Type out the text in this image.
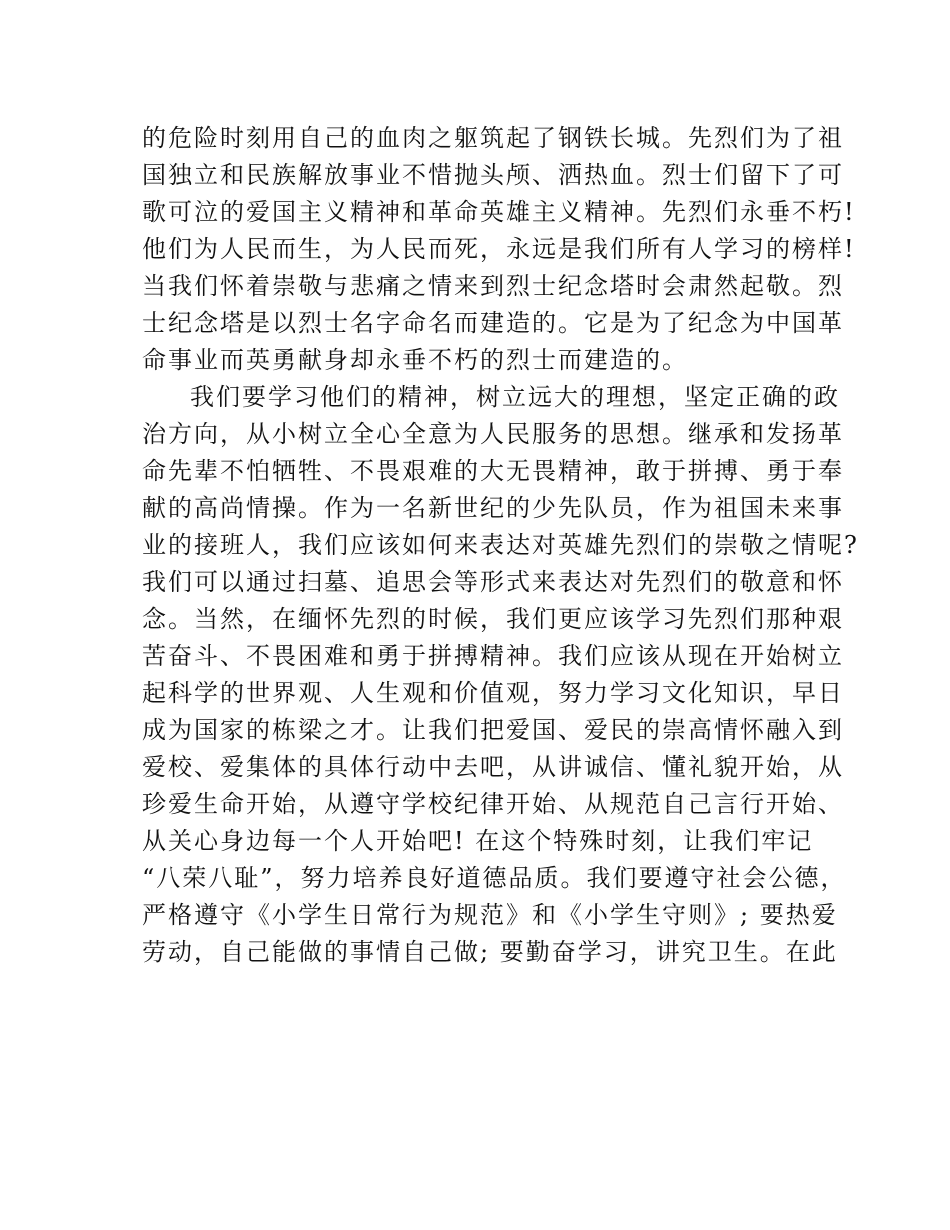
的危险时刻用自己的血肉之躯筑起了钢铁长城。先烈们为了祖
国独立和民族解放事业不惜抛头颅、洒热血。烈士们留下了可
歌可泣的爱国主义精神和革命英雄主义精神。先烈们永垂不朽!
他们为人民而生，为人民而死，永远是我们所有人学习的榜样!
当我们怀着崇敬与悲痛之情来到烈士纪念塔时会肃然起敬。烈
士纪念塔是以烈士名字命名而建造的。它是为了纪念为中国革
命事业而英勇献身却永垂不朽的烈士而建造的。
我们要学习他们的精神，树立远大的理想，坚定正确的政
治方向，从小树立全心全意为人民服务的思想。继承和发扬革
命先辈不怕牺牲、不畏艰难的大无畏精神，敢于拼搏、勇于奉
献的高尚情操。作为一名新世纪的少先队员，作为祖国未来事
业的接班人，我们应该如何来表达对英雄先烈们的崇敬之情呢?
我们可以通过扫墓、追思会等形式来表达对先烈们的敬意和怀
念。当然，在缅怀先烈的时候，我们更应该学习先烈们那种艰
苦奋斗、不畏困难和勇于拼搏精神。我们应该从现在开始树立
起科学的世界观、人生观和价值观，努力学习文化知识，早日
成为国家的栋梁之才。让我们把爱国、爱民的崇高情怀融入到
爱校、爱集体的具体行动中去吧，从讲诚信、懂礼貌开始，从
珍爱生命开始，从遵守学校纪律开始、从规范自己言行开始、
从关心身边每一个人开始吧! 在这个特殊时刻，让我们牢记
“八荣八耻”，努力培养良好道德品质。我们要遵守社会公德，
严格遵守《小学生日常行为规范》和《小学生守则》; 要热爱
劳动，自己能做的事情自己做; 要勤奋学习，讲究卫生。在此
